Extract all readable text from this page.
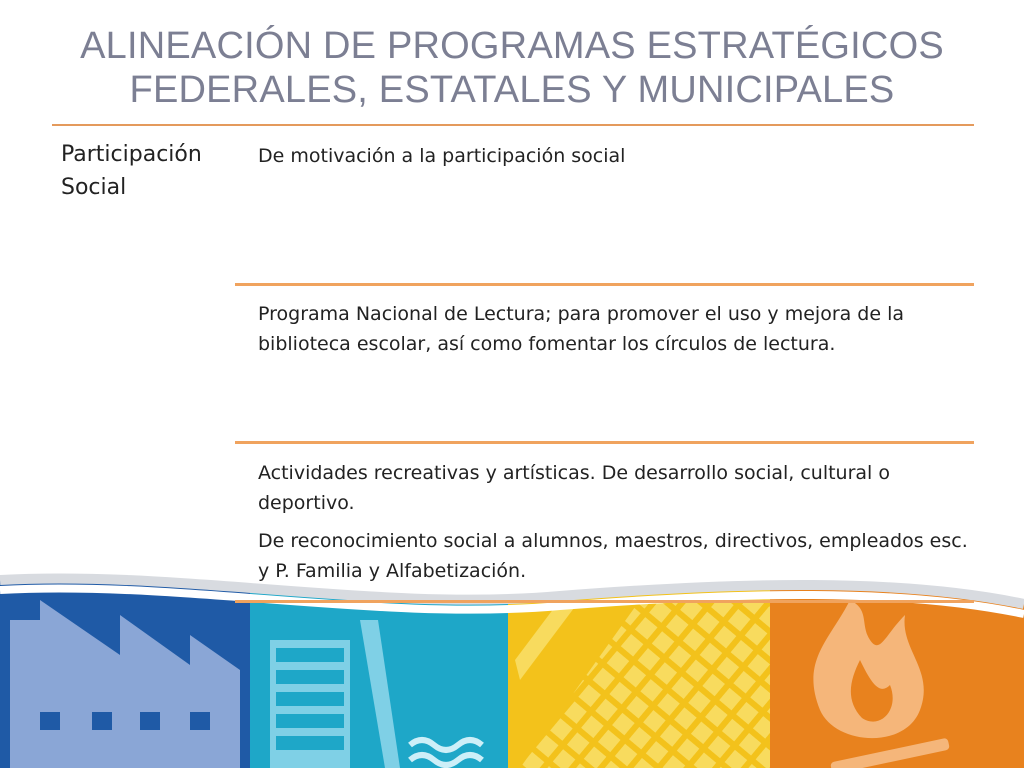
ALINEACIÓN DE PROGRAMAS ESTRATÉGICOS
FEDERALES, ESTATALES Y MUNICIPALES
Participación
Social

De motivación a la participación social

Programa Nacional de Lectura; para promover el uso y mejora de la biblioteca escolar, así como fomentar los círculos de lectura.

Actividades recreativas y artísticas. De desarrollo social, cultural o deportivo.

De reconocimiento social a alumnos, maestros, directivos, empleados esc. y P. Familia y Alfabetización.
